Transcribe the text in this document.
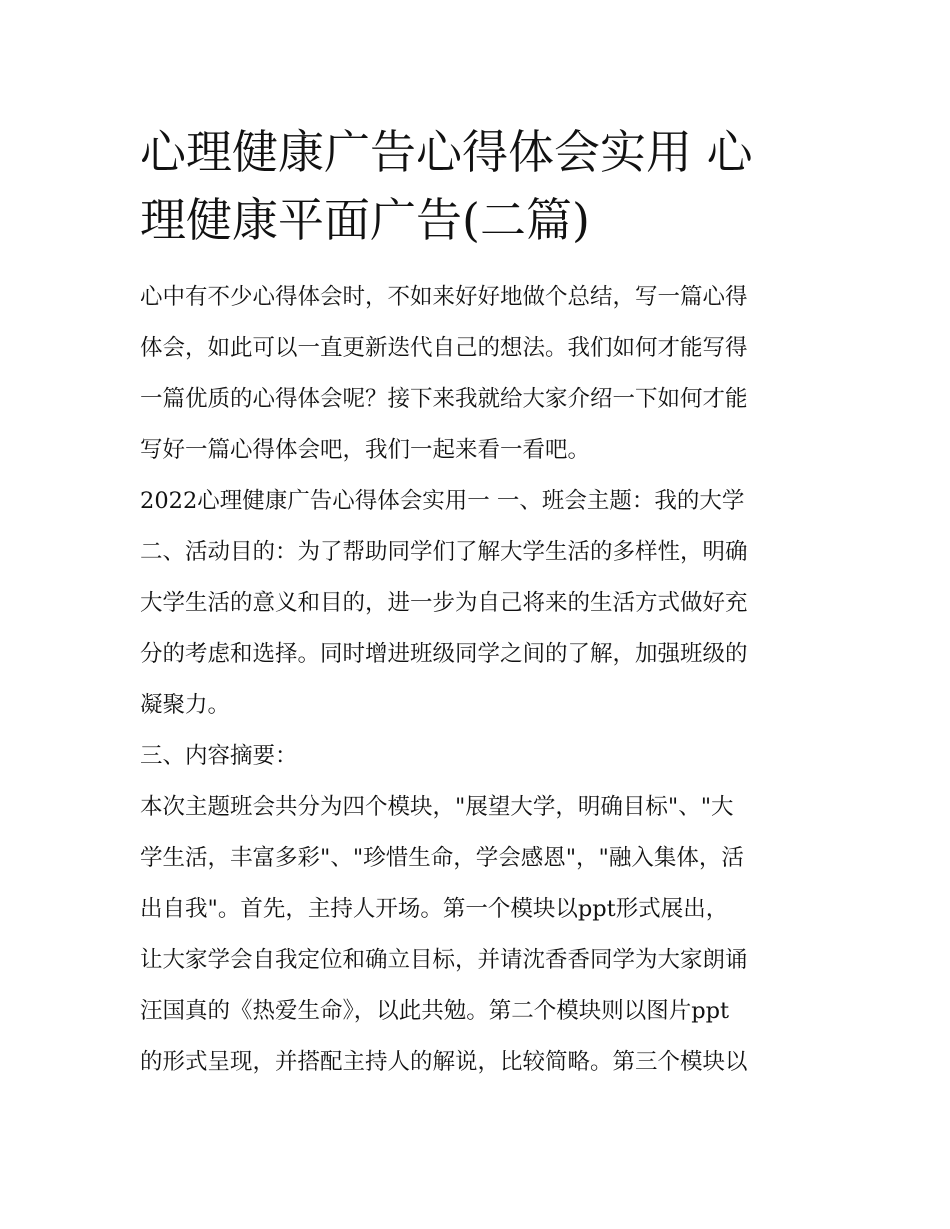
心理健康广告心得体会实用 心
理健康平面广告(二篇)
心中有不少心得体会时，不如来好好地做个总结，写一篇心得
体会，如此可以一直更新迭代自己的想法。我们如何才能写得
一篇优质的心得体会呢？接下来我就给大家介绍一下如何才能
写好一篇心得体会吧，我们一起来看一看吧。
2022心理健康广告心得体会实用一 一、班会主题：我的大学
二、活动目的：为了帮助同学们了解大学生活的多样性，明确
大学生活的意义和目的，进一步为自己将来的生活方式做好充
分的考虑和选择。同时增进班级同学之间的了解，加强班级的
凝聚力。
三、内容摘要：
本次主题班会共分为四个模块，"展望大学，明确目标"、"大
学生活，丰富多彩"、"珍惜生命，学会感恩"，"融入集体，活
出自我"。首先，主持人开场。第一个模块以ppt形式展出，
让大家学会自我定位和确立目标，并请沈香香同学为大家朗诵
汪国真的《热爱生命》，以此共勉。第二个模块则以图片ppt
的形式呈现，并搭配主持人的解说，比较简略。第三个模块以
